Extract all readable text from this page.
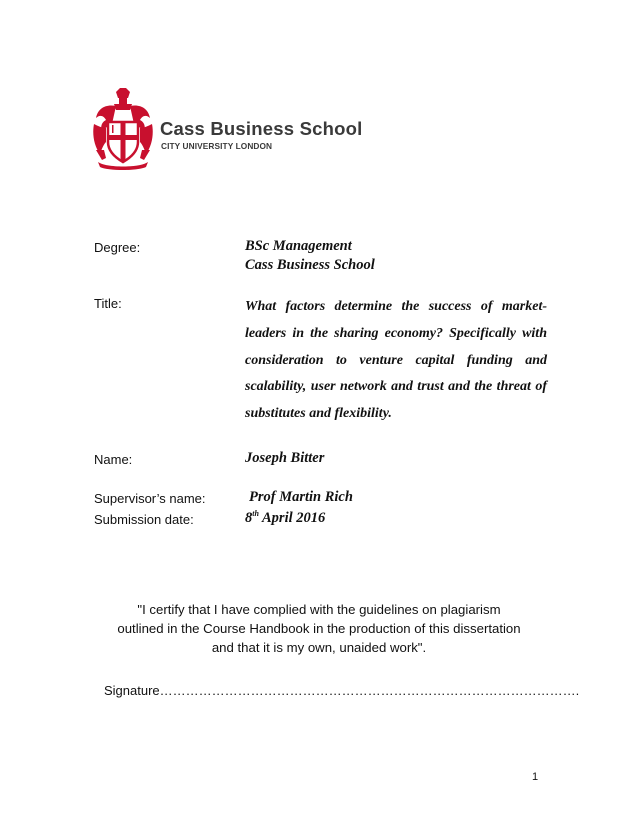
Cass Business School
CITY UNIVERSITY LONDON
Degree:	BSc Management
Cass Business School
Title:	What factors determine the success of market-leaders in the sharing economy? Specifically with consideration to venture capital funding and scalability, user network and trust and the threat of substitutes and flexibility.
Name:	Joseph Bitter
Supervisor’s name:	Prof Martin Rich
Submission date:	8th April 2016
"I certify that I have complied with the guidelines on plagiarism
outlined in the Course Handbook in the production of this dissertation
and that it is my own, unaided work".
Signature…………………………………………………………………………………….
1
